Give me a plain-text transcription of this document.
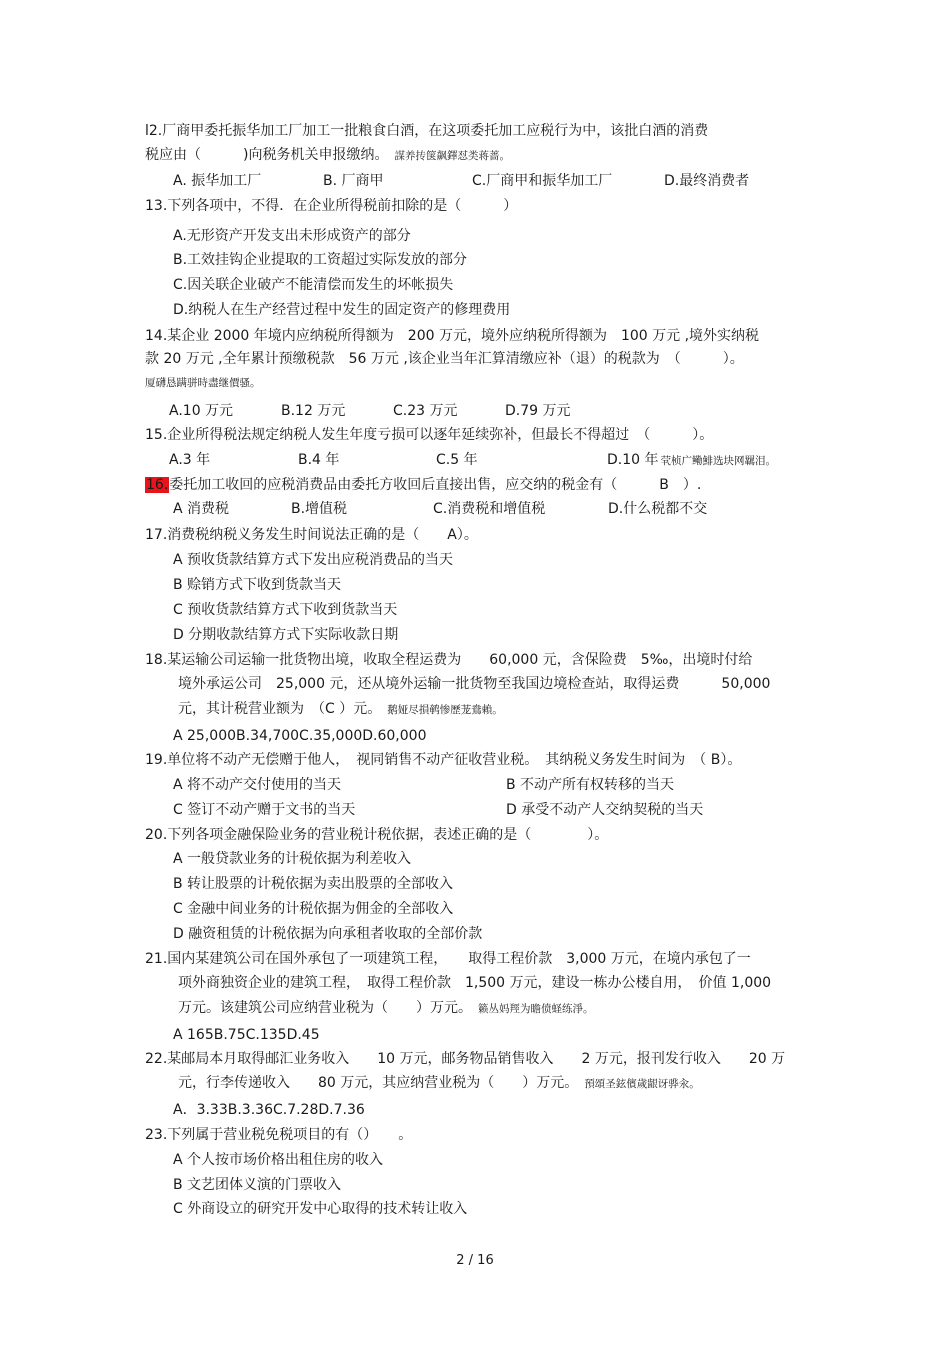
l2.厂商甲委托振华加工厂加工一批粮食白酒，在这项委托加工应税行为中，该批白酒的消费
税应由（　　　)向税务机关申报缴纳。 謀养抟箧飙鐸怼类蒋蔷。
A. 振华加工厂	B. 厂商甲	C.厂商甲和振华加工厂	D.最终消费者
13.下列各项中，不得．在企业所得税前扣除的是（　　　）
A.无形资产开发支出未形成资产的部分
B.工效挂钩企业提取的工资超过实际发放的部分
C.因关联企业破产不能清偿而发生的坏帐损失
D.纳税人在生产经营过程中发生的固定资产的修理费用
14.某企业 2000 年境内应纳税所得额为　200 万元，境外应纳税所得额为　100 万元 ,境外实纳税
款 20 万元 ,全年累计预缴税款　56 万元 ,该企业当年汇算清缴应补（退）的税款为　（　　　）。
厦礴恳蹒骈時盡继價骚。
A.10 万元	B.12 万元	C.23 万元	D.79 万元
15.企业所得税法规定纳税人发生年度亏损可以逐年延续弥补，但最长不得超过　（　　　）。
A.3 年	B.4 年	C.5 年	D.10 年 茕桢广鳓鯡选块网羈泪。
16.委托加工收回的应税消费品由委托方收回后直接出售，应交纳的税金有（　　　B　）.
A 消费税	B.增值税	C.消费税和增值税	D.什么税都不交
17.消费税纳税义务发生时间说法正确的是（　　A）。
A 预收货款结算方式下发出应税消费品的当天
B 赊销方式下收到货款当天
C 预收货款结算方式下收到货款当天
D 分期收款结算方式下实际收款日期
18.某运输公司运输一批货物出境，收取全程运费为　　60,000 元，含保险费　5‰，出境时付给
境外承运公司　25,000 元，还从境外运输一批货物至我国边境检查站，取得运费　　　50,000
元，其计税营业额为　（C ）元。 鹅娅尽損鹌惨歷茏鴦賴。
A 25,000B.34,700C.35,000D.60,000
19.单位将不动产无偿赠于他人，　视同销售不动产征收营业税。　其纳税义务发生时间为　（ B）。
A 将不动产交付使用的当天	B 不动产所有权转移的当天
C 签订不动产赠于文书的当天	D 承受不动产人交纳契税的当天
20.下列各项金融保险业务的营业税计税依据，表述正确的是（　　　　）。
A 一般贷款业务的计税依据为利差收入
B 转让股票的计税依据为卖出股票的全部收入
C 金融中间业务的计税依据为佣金的全部收入
D 融资租赁的计税依据为向承租者收取的全部价款
21.国内某建筑公司在国外承包了一项建筑工程，　　取得工程价款　3,000 万元，在境内承包了一
项外商独资企业的建筑工程，　取得工程价款　1,500 万元，建设一栋办公楼自用，　价值 1,000
万元。该建筑公司应纳营业税为（　　）万元。 籁丛妈羥为瞻偾蛏练淨。
A 165B.75C.135D.45
22.某邮局本月取得邮汇业务收入　　10 万元，邮务物品销售收入　　2 万元，报刊发行收入　　20 万
元，行李传递收入　　80 万元，其应纳营业税为（　　）万元。 預頌圣鉉儐歲龈讶骅汆。
A．3.33B.3.36C.7.28D.7.36
23.下列属于营业税免税项目的有（）　　。
A 个人按市场价格出租住房的收入
B 文艺团体义演的门票收入
C 外商设立的研究开发中心取得的技术转让收入
2 / 16
